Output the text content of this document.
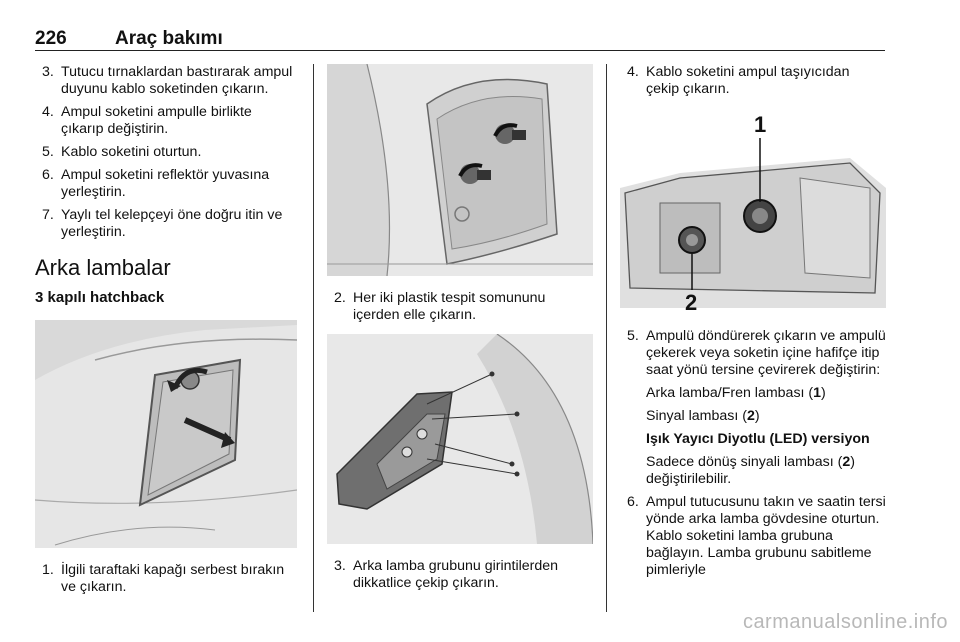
226	Araç bakımı
3. Tutucu tırnaklardan bastırarak ampul duyunu kablo soketinden çıkarın.
4. Ampul soketini ampulle birlikte çıkarıp değiştirin.
5. Kablo soketini oturtun.
6. Ampul soketini reflektör yuvasına yerleştirin.
7. Yaylı tel kelepçeyi öne doğru itin ve yerleştirin.
Arka lambalar
3 kapılı hatchback
1. İlgili taraftaki kapağı serbest bırakın ve çıkarın.
2. Her iki plastik tespit somununu içerden elle çıkarın.
3. Arka lamba grubunu girintilerden dikkatlice çekip çıkarın.
4. Kablo soketini ampul taşıyıcıdan çekip çıkarın.
1
2
5. Ampulü döndürerek çıkarın ve ampulü çekerek veya soketin içine hafifçe itip saat yönü tersine çevirerek değiştirin:
Arka lamba/Fren lambası (1)
Sinyal lambası (2)
Işık Yayıcı Diyotlu (LED) versiyon
Sadece dönüş sinyali lambası (2) değiştirilebilir.
6. Ampul tutucusunu takın ve saatin tersi yönde arka lamba gövdesine oturtun. Kablo soketini lamba grubuna bağlayın. Lamba grubunu sabitleme pimleriyle
carmanualsonline.info
